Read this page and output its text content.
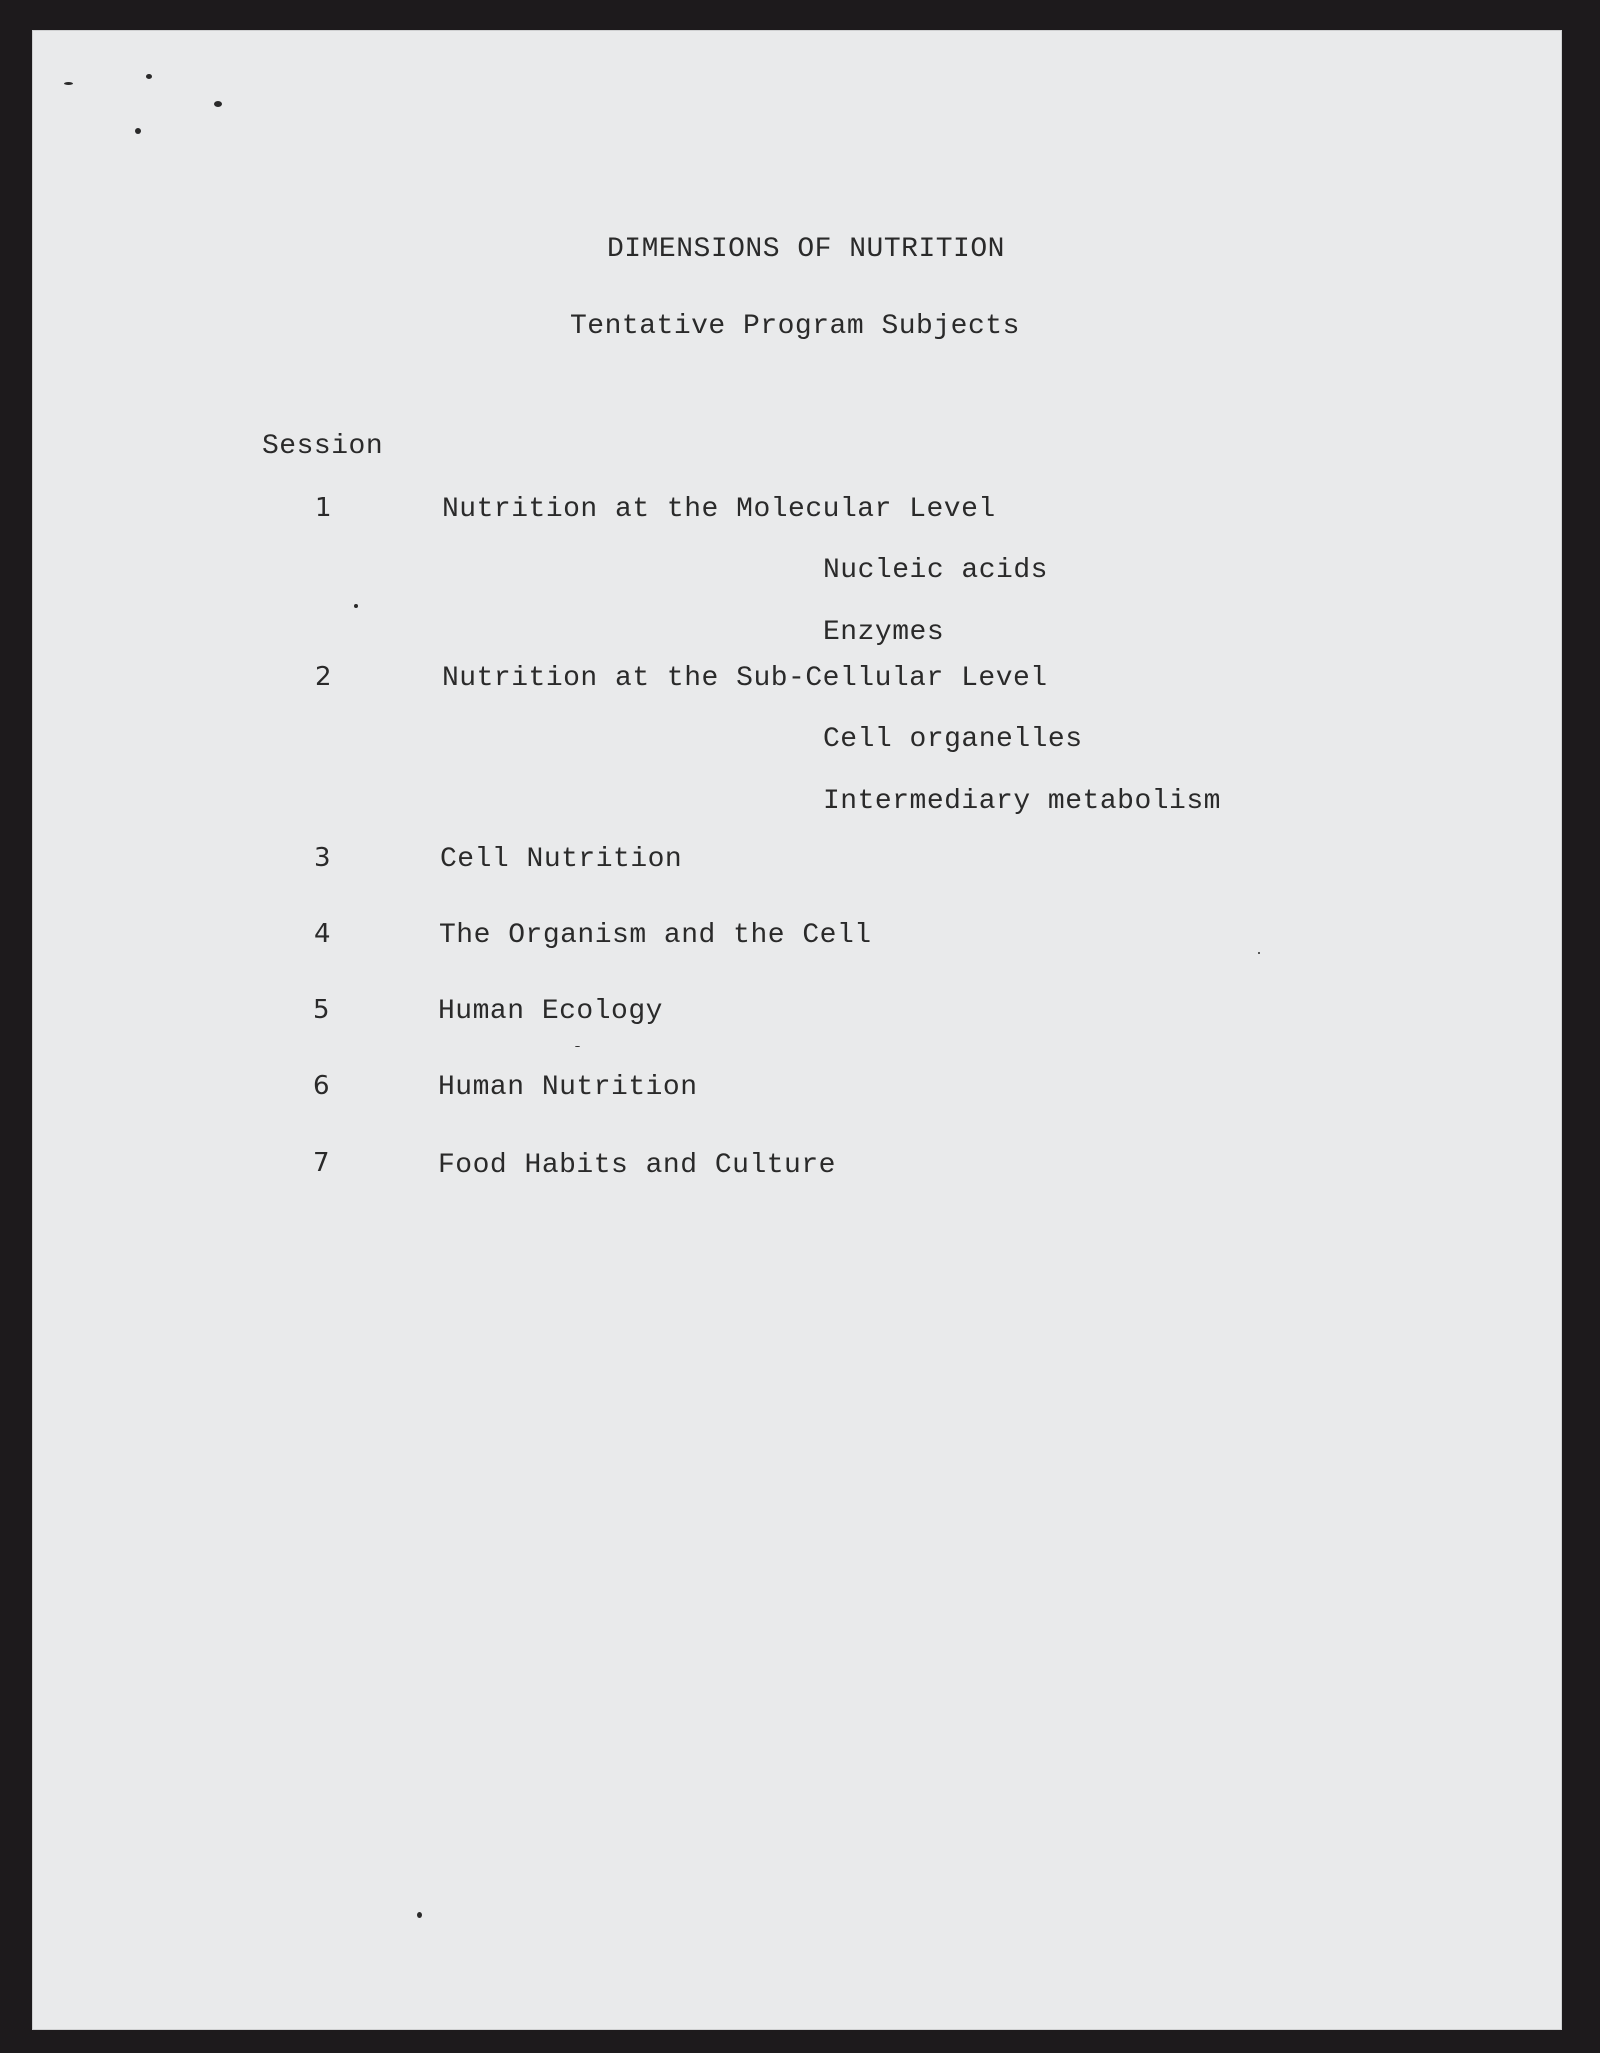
DIMENSIONS OF NUTRITION
Tentative Program Subjects
Session
1	Nutrition at the Molecular Level
Nucleic acids
Enzymes
2	Nutrition at the Sub-Cellular Level
Cell organelles
Intermediary metabolism
3	Cell Nutrition
4	The Organism and the Cell
5	Human Ecology
6	Human Nutrition
7	Food Habits and Culture
